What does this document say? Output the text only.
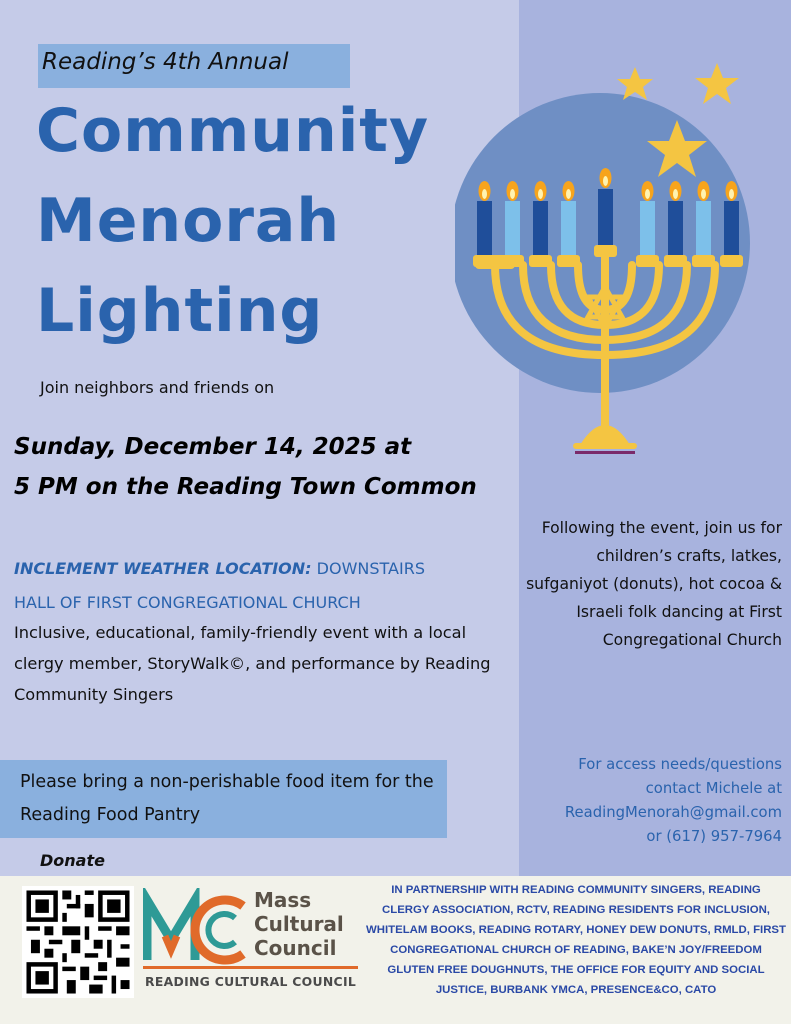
Reading’s 4th Annual
Community
Menorah
Lighting
Join neighbors and friends on
Sunday, December 14, 2025 at
5 PM on the Reading Town Common
INCLEMENT WEATHER LOCATION: DOWNSTAIRS
HALL OF FIRST CONGREGATIONAL CHURCH
Inclusive, educational, family-friendly event with a local clergy member, StoryWalk©, and performance by Reading Community Singers
Please bring a non-perishable food item for the Reading Food Pantry
Donate
Following the event, join us for children’s crafts, latkes, sufganiyot (donuts), hot cocoa & Israeli folk dancing at First Congregational Church
For access needs/questions
contact Michele at
ReadingMenorah@gmail.com
or (617) 957-7964
MC	Mass
Cultural
Council
READING CULTURAL COUNCIL
IN PARTNERSHIP WITH READING COMMUNITY SINGERS, READING CLERGY ASSOCIATION, RCTV, READING RESIDENTS FOR INCLUSION, WHITELAM BOOKS, READING ROTARY, HONEY DEW DONUTS, RMLD, FIRST CONGREGATIONAL CHURCH OF READING, BAKE’N JOY/FREEDOM GLUTEN FREE DOUGHNUTS, THE OFFICE FOR EQUITY AND SOCIAL JUSTICE, BURBANK YMCA, PRESENCE&CO, CATO
